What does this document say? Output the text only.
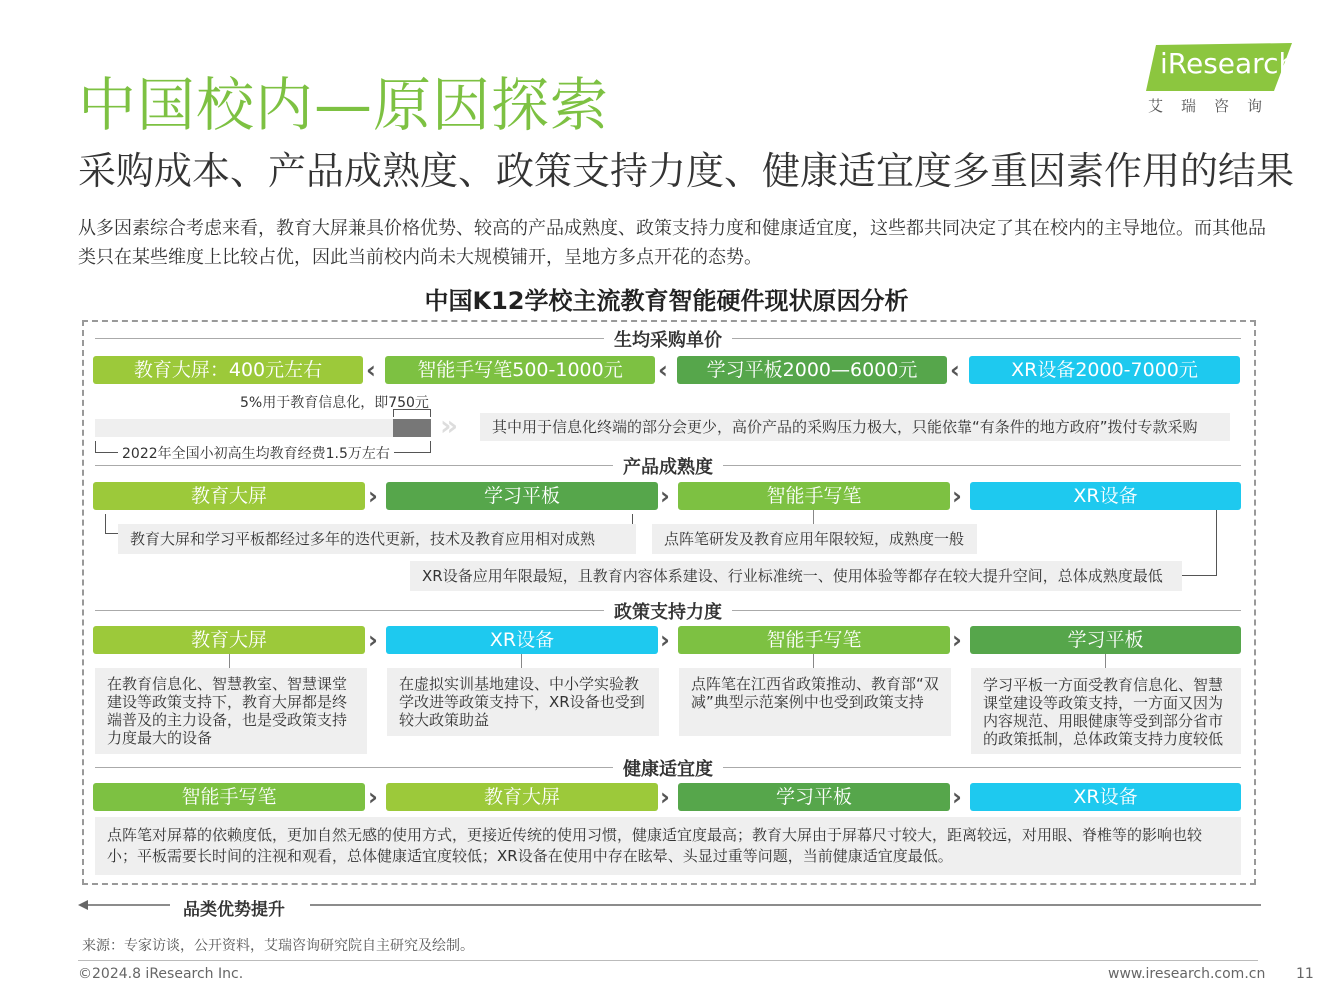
中国校内—原因探索
采购成本、产品成熟度、政策支持力度、健康适宜度多重因素作用的结果
从多因素综合考虑来看，教育大屏兼具价格优势、较高的产品成熟度、政策支持力度和健康适宜度，这些都共同决定了其在校内的主导地位。而其他品类只在某些维度上比较占优，因此当前校内尚未大规模铺开，呈地方多点开花的态势。
iResearch
艾瑞咨询
中国K12学校主流教育智能硬件现状原因分析
生均采购单价
教育大屏：400元左右	‹	智能手写笔500-1000元	‹	学习平板2000—6000元	‹	XR设备2000-7000元
5%用于教育信息化，即750元
2022年全国小初高生均教育经费1.5万左右
»	其中用于信息化终端的部分会更少，高价产品的采购压力极大，只能依靠“有条件的地方政府”拨付专款采购
产品成熟度
教育大屏	›	学习平板	›	智能手写笔	›	XR设备
教育大屏和学习平板都经过多年的迭代更新，技术及教育应用相对成熟	点阵笔研发及教育应用年限较短，成熟度一般
XR设备应用年限最短，且教育内容体系建设、行业标准统一、使用体验等都存在较大提升空间，总体成熟度最低
政策支持力度
教育大屏	›	XR设备	›	智能手写笔	›	学习平板
在教育信息化、智慧教室、智慧课堂建设等政策支持下，教育大屏都是终端普及的主力设备，也是受政策支持力度最大的设备
在虚拟实训基地建设、中小学实验教学改进等政策支持下，XR设备也受到较大政策助益
点阵笔在江西省政策推动、教育部“双减”典型示范案例中也受到政策支持
学习平板一方面受教育信息化、智慧课堂建设等政策支持，一方面又因为内容规范、用眼健康等受到部分省市的政策抵制，总体政策支持力度较低
健康适宜度
智能手写笔	›	教育大屏	›	学习平板	›	XR设备
点阵笔对屏幕的依赖度低，更加自然无感的使用方式，更接近传统的使用习惯，健康适宜度最高；教育大屏由于屏幕尺寸较大，距离较远，对用眼、脊椎等的影响也较小；平板需要长时间的注视和观看，总体健康适宜度较低；XR设备在使用中存在眩晕、头显过重等问题，当前健康适宜度最低。
品类优势提升
来源：专家访谈，公开资料，艾瑞咨询研究院自主研究及绘制。
©2024.8 iResearch Inc.	www.iresearch.com.cn 11
